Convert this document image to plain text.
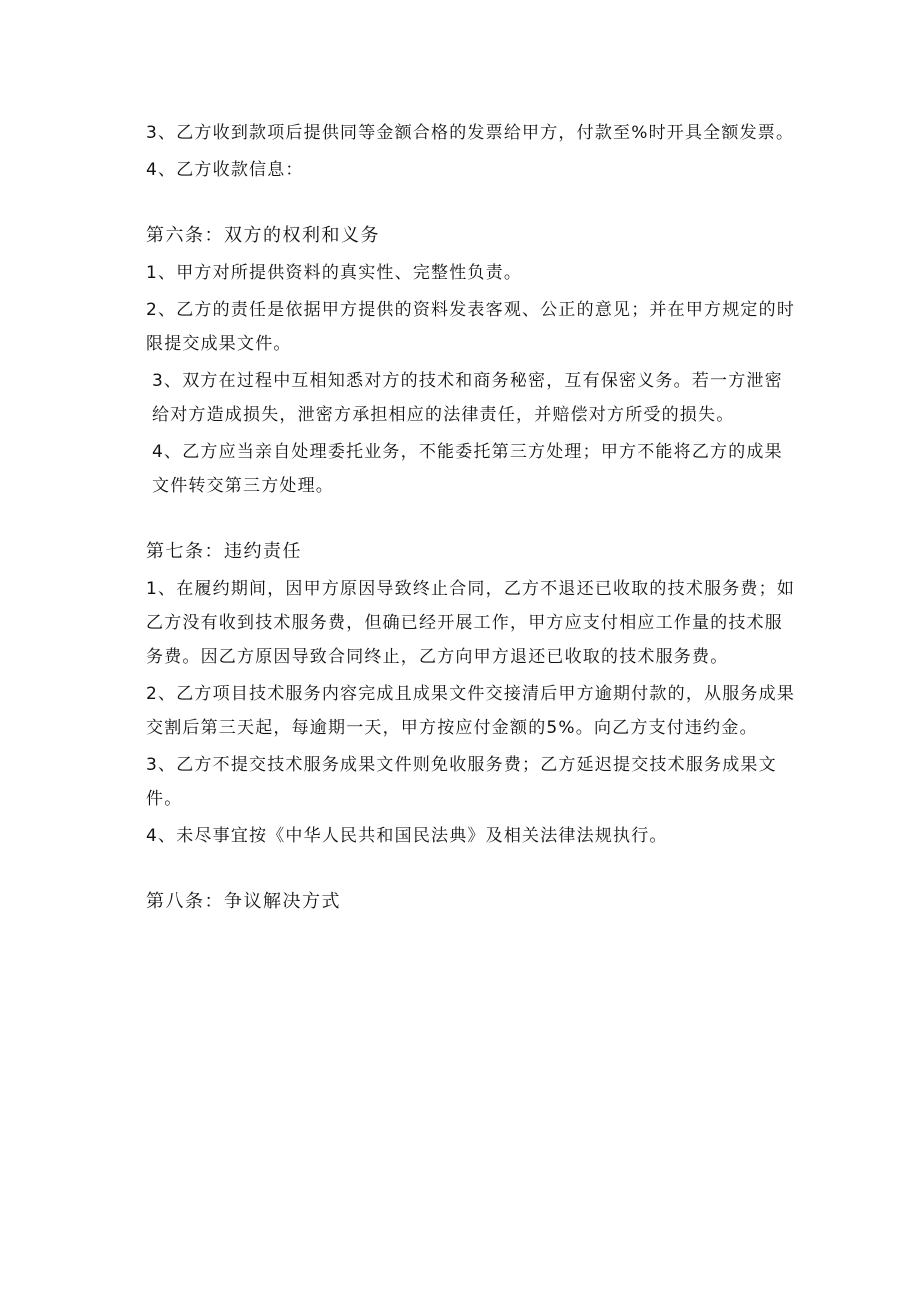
3、乙方收到款项后提供同等金额合格的发票给甲方，付款至%时开具全额发票。

4、乙方收款信息：

第六条：双方的权利和义务

1、甲方对所提供资料的真实性、完整性负责。

2、乙方的责任是依据甲方提供的资料发表客观、公正的意见；并在甲方规定的时限提交成果文件。

3、双方在过程中互相知悉对方的技术和商务秘密，互有保密义务。若一方泄密给对方造成损失，泄密方承担相应的法律责任，并赔偿对方所受的损失。

4、乙方应当亲自处理委托业务，不能委托第三方处理；甲方不能将乙方的成果文件转交第三方处理。

第七条：违约责任

1、在履约期间，因甲方原因导致终止合同，乙方不退还已收取的技术服务费；如乙方没有收到技术服务费，但确已经开展工作，甲方应支付相应工作量的技术服务费。因乙方原因导致合同终止，乙方向甲方退还已收取的技术服务费。

2、乙方项目技术服务内容完成且成果文件交接清后甲方逾期付款的，从服务成果交割后第三天起，每逾期一天，甲方按应付金额的5%。向乙方支付违约金。

3、乙方不提交技术服务成果文件则免收服务费；乙方延迟提交技术服务成果文件。

4、未尽事宜按《中华人民共和国民法典》及相关法律法规执行。

第八条：争议解决方式
